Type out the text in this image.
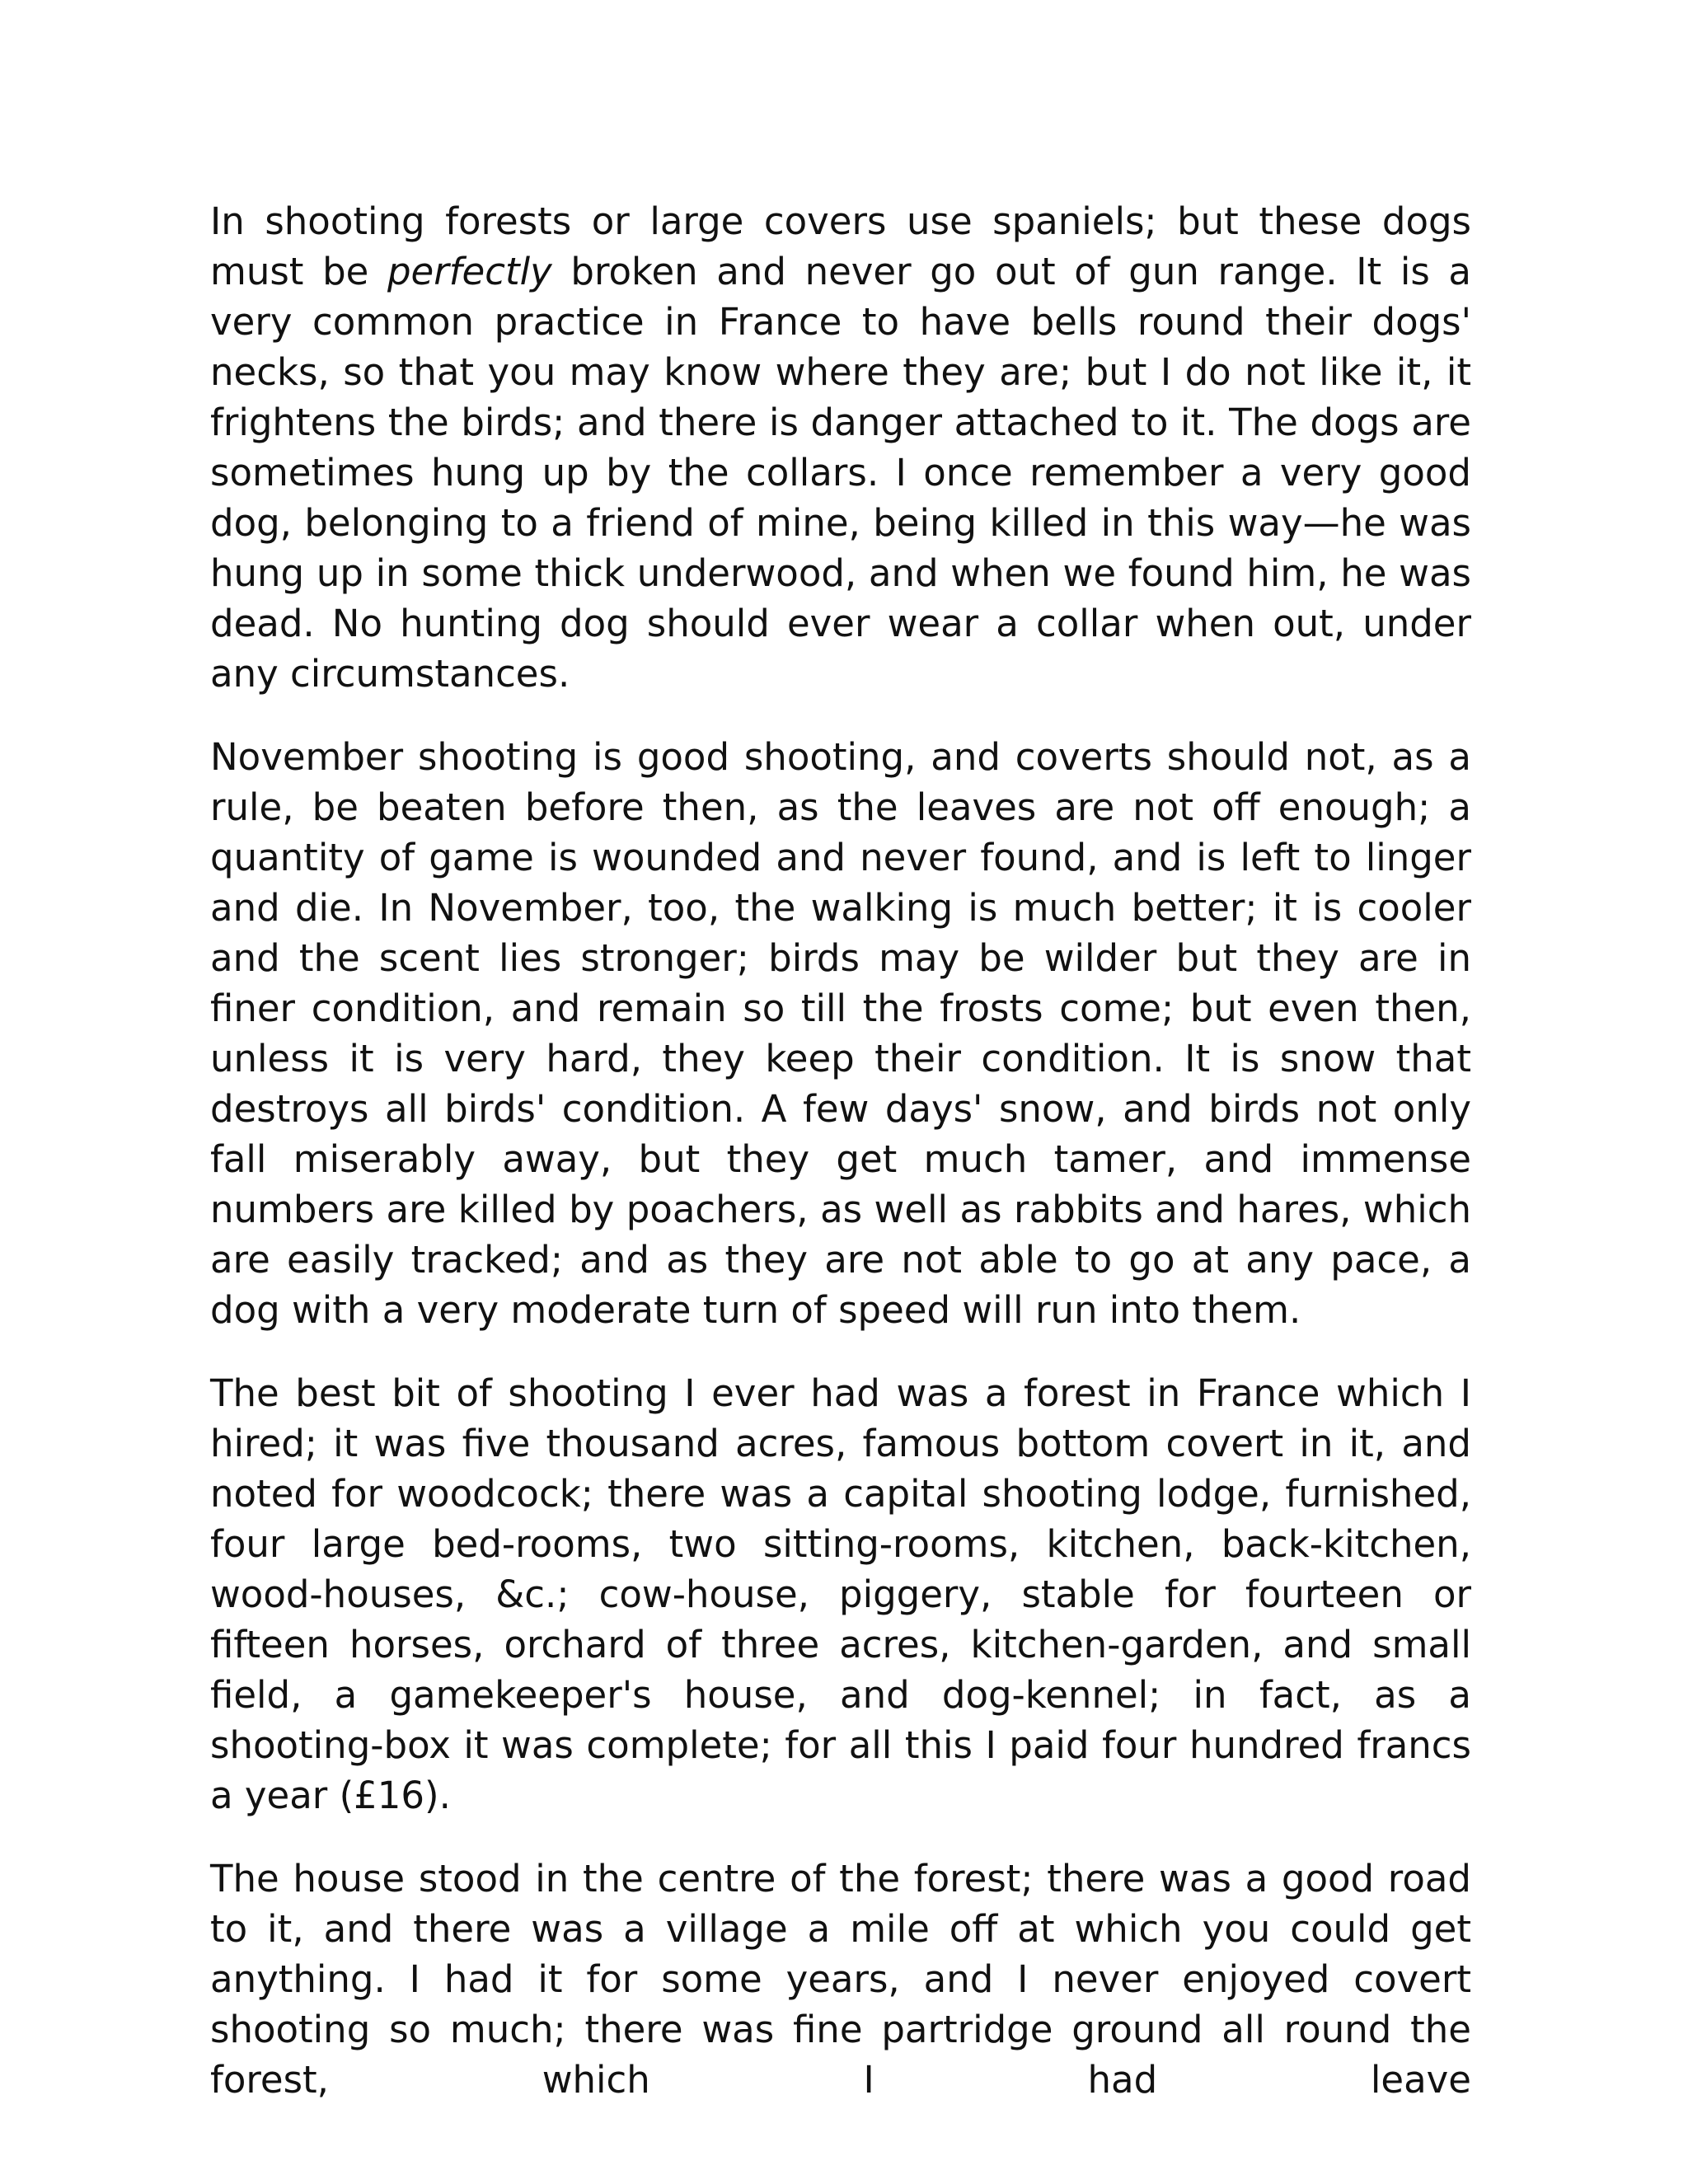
In shooting forests or large covers use spaniels; but these dogs must be perfectly broken and never go out of gun range. It is a very common practice in France to have bells round their dogs' necks, so that you may know where they are; but I do not like it, it frightens the birds; and there is danger attached to it. The dogs are sometimes hung up by the collars. I once remember a very good dog, belonging to a friend of mine, being killed in this way—he was hung up in some thick underwood, and when we found him, he was dead. No hunting dog should ever wear a collar when out, under any circumstances.

November shooting is good shooting, and coverts should not, as a rule, be beaten before then, as the leaves are not off enough; a quantity of game is wounded and never found, and is left to linger and die. In November, too, the walking is much better; it is cooler and the scent lies stronger; birds may be wilder but they are in finer condition, and remain so till the frosts come; but even then, unless it is very hard, they keep their condition. It is snow that destroys all birds' condition. A few days' snow, and birds not only fall miserably away, but they get much tamer, and immense numbers are killed by poachers, as well as rabbits and hares, which are easily tracked; and as they are not able to go at any pace, a dog with a very moderate turn of speed will run into them.

The best bit of shooting I ever had was a forest in France which I hired; it was five thousand acres, famous bottom covert in it, and noted for woodcock; there was a capital shooting lodge, furnished, four large bed-rooms, two sitting-rooms, kitchen, back-kitchen, wood-houses, &c.; cow-house, piggery, stable for fourteen or fifteen horses, orchard of three acres, kitchen-garden, and small field, a gamekeeper's house, and dog-kennel; in fact, as a shooting-box it was complete; for all this I paid four hundred francs a year (£16).

The house stood in the centre of the forest; there was a good road to it, and there was a village a mile off at which you could get anything. I had it for some years, and I never enjoyed covert shooting so much; there was fine partridge ground all round the forest, which I had leave
